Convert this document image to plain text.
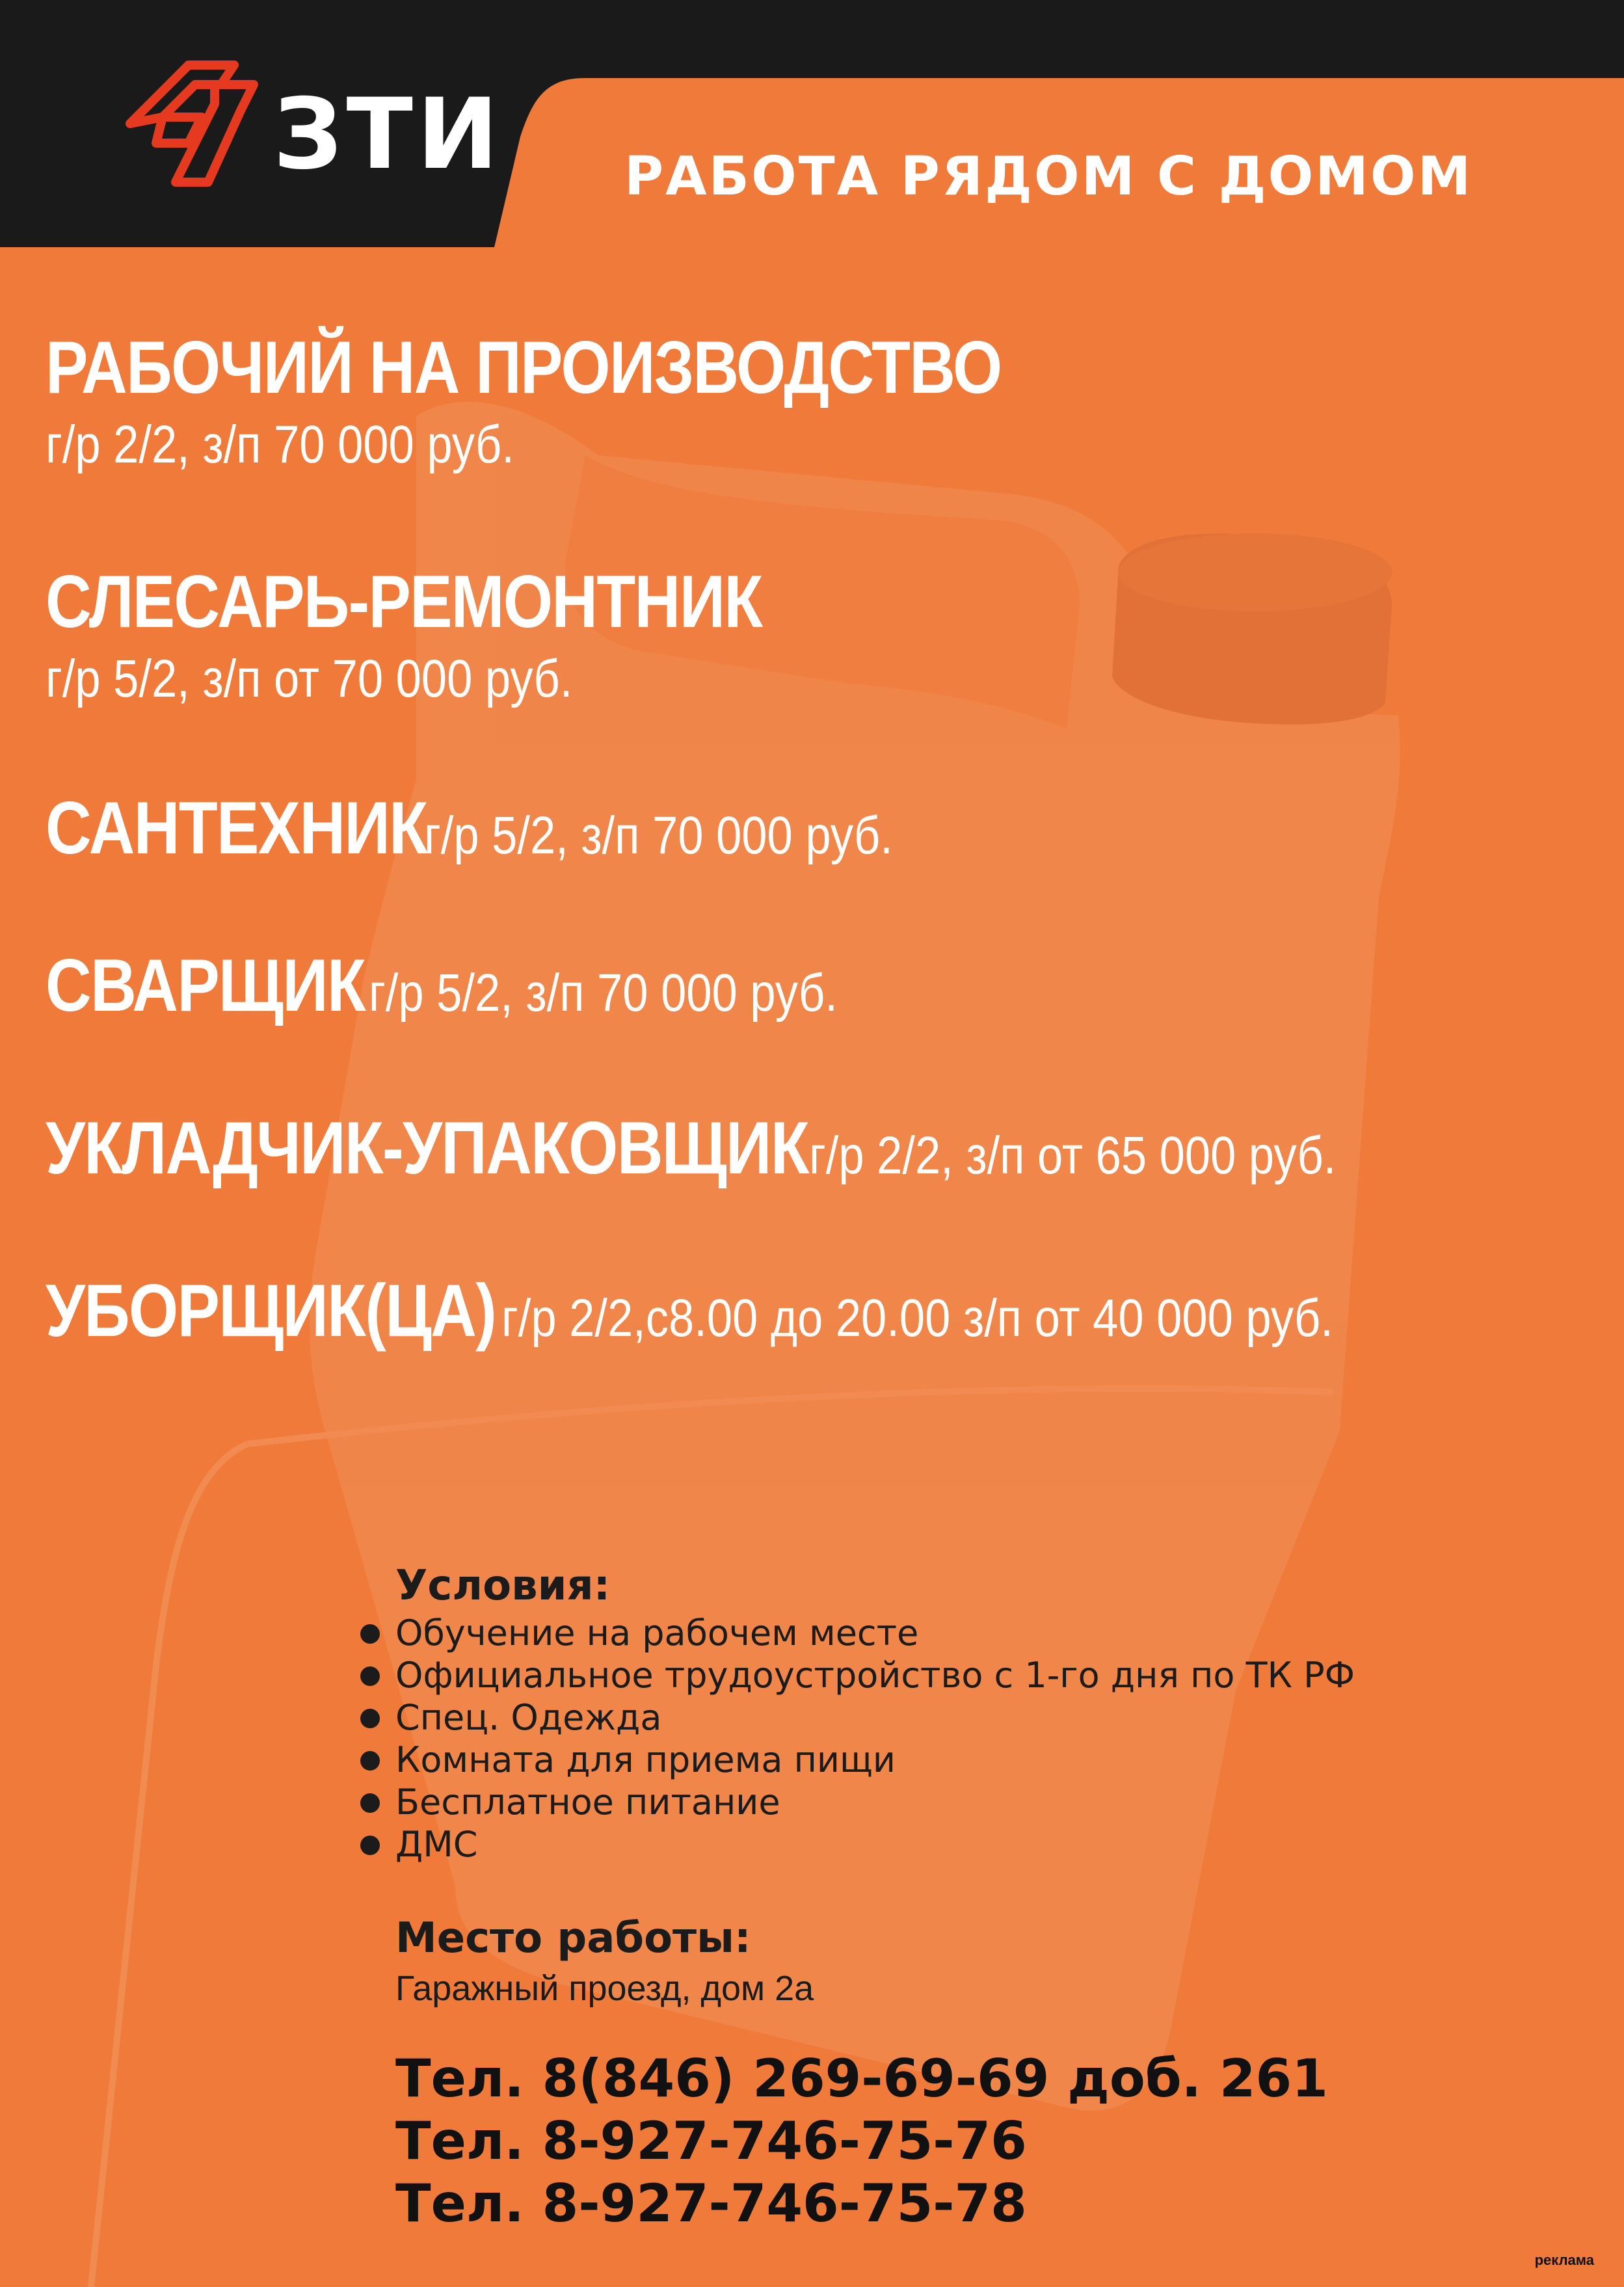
ЗТИ РАБОТА РЯДОМ С ДОМОМ
РАБОЧИЙ НА ПРОИЗВОДСТВО
г/р 2/2, з/п 70 000 руб.
СЛЕСАРЬ-РЕМОНТНИК
г/р 5/2, з/п от 70 000 руб.
САНТЕХНИКг/р 5/2, з/п 70 000 руб.
СВАРЩИКг/р 5/2, з/п 70 000 руб.
УКЛАДЧИК-УПАКОВЩИКг/р 2/2, з/п от 65 000 руб.
УБОРЩИК(ЦА) г/р 2/2,с8.00 до 20.00 з/п от 40 000 руб.
Условия:
Обучение на рабочем месте
Официальное трудоустройство с 1-го дня по ТК РФ
Спец. Одежда
Комната для приема пищи
Бесплатное питание
ДМС
Место работы:
Гаражный проезд, дом 2а
Тел. 8(846) 269-69-69 доб. 261
Тел. 8-927-746-75-76
Тел. 8-927-746-75-78
реклама
